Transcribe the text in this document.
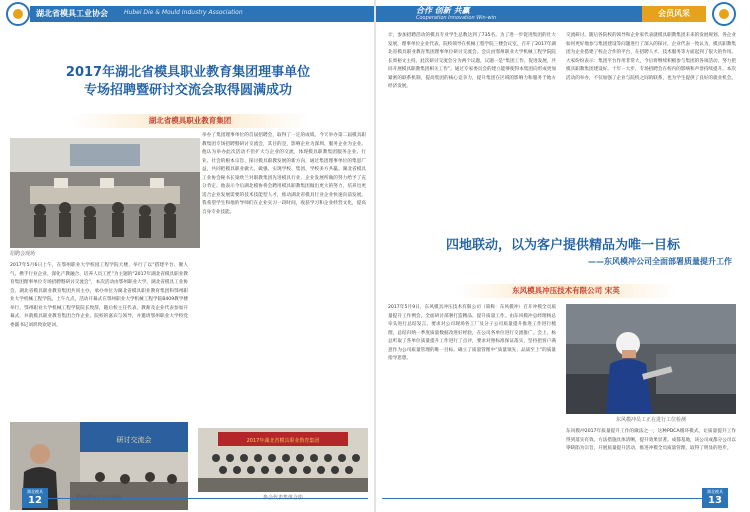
湖北省模具工业协会	Hubei Die & Mould Industry Association	合作 创新 共赢
Cooperation Innovation Win-win	会员风采
2017年湖北省模具职业教育集团理事单位
专场招聘暨研讨交流会取得圆满成功
湖北省模具职业教育集团
招聘会现场
2017年5月6日上午，在鄂州职业大学校园工程学院大楼，举行了以“搭建平台、聚人气、携手行业企业、深化产教融合、培养人员工匠”为主题的“2017年湖北省模具职业教育集团理事单位专场招聘暨研讨交流会”，本次活动由鄂州职业大学、湖北省模具工业协会、湖北省模具职业教育集团共同主办，承办单位为湖北省模具职业教育集团和鄂州职业大学机械工程学院。上午九点，活动开幕式在鄂州职业大学机械工程学院B409教学楼举行，鄂州职业大学机械工程学院院长致辞，随后校主任代表、教师及企业代表参加开幕式，并就模具职业教育集团合作企业、院校的嘉宾与领导，并邀请鄂州职业大学校党委副书记刘鸿致欢迎词。
举办了集团理事单位的首届招聘会，取得了一定的成绩。今天举办第二届模具职教集团专场招聘暨研讨交流会，其目的是，影响企业为深圳、服务企业为企业。他认为举办此次活动不但扩大与企业的交流，体现模具职教集团服务企业、行业、社会的根本宗旨，探讨模具职教发展的新方向，通过集团理事单位的集思广益，共同把模具职业做大、做强、实现学校、集团、学校多方共赢。湖北省模具工业协会秘书长梁欣兰对职教集团先进模具行业、企业发展所做的努力给予了充分肯定。他表示今后湖北模协将会聘用模具职教集团做出更大的努力，培养出更适合企业发展需要的技术技能型人才，推动湖北省模具行业企业快速向前发展。我希望学生和他的导师们在企业实习一段时间，收获学习和企业经营文化，提高自身专业技能。
研讨交流会	2017年湖北省模具职业教育集团
计，参加招聘活动的模具专业学生总数达到了735名。为了进一步促进集团的壮大发展，理事单位企业代表、院校领导在机械工程学院三楼会议室，召开了2017年湖北省模具职业教育集团理事单位研讨交流会。会议由鄂州职业大学机械工程学院院长周裕文主持。此次研讨交流会分为两个议题，议题一是“集团工作、促进发展，共同开展模具职教集团相关工作”。通过专家委员会的建立能够使得本集团向形成更加紧密的联系机制，提高集团的核心竞争力，提升集团在区域的影响力和服务于地方经济发展。
交流研讨。随后各院校的领导和企业家代表就模具职教集团未来的发展规划、各企业如何更好地参与集团建设等问题进行了深入的探讨，企业代表一致认为，模具职教集团为企业搭建了校企合作的平台，在招聘人才、技术服务等方面起到了很大的作用。大家纷纷表示：集团平台作用非常大，今后将继续积极参与集团的各项活动，努力把模具职教集团建设好。十年一大步，专场招聘会在校内的影响和声誉持续提升。本次活动的举办，不仅加强了企业与院校之间的联系，也为学生提供了良好的就业机会。
四地联动，以为客户提供精品为唯一目标
——东风模冲公司全面部署质量提升工作
东风模具冲压技术有限公司 宋英
2017年5月9日，东风模具冲压技术有限公司（简称：东风模冲）召开冲模全员质量提升工作例会，全面研讨部署打造精品、提升质量工作。由东风模冲总经理杨总牵头进行总结发言，要求对公司现场各工厂及分子公司质量提升推进工作进行梳理，总结归纳一季度质量数据改进好经验，在公司各单位进行交流推广。会上，杨总听取了各单位质量提升工作进行了点评，要求对照标准保证落实，坚持把客户满意作为公司质量管理的唯一目标。确立了质量管理中“质量领先、品质至上”的质量指导思想。
东风模冲员工正在进行工位检测
东风模冲2017年质量提升工作的做法之一，这种PDCA循环模式，让质量提升工作得到落实有效。方法措施具体清晰，提升效果显著。成都基地，该公司成都分公司以零缺陷为宗旨，开展质量提升活动，推进冲模全员质量管理，取得了明显的进步。
湖北模具
12
湖北模具
13
